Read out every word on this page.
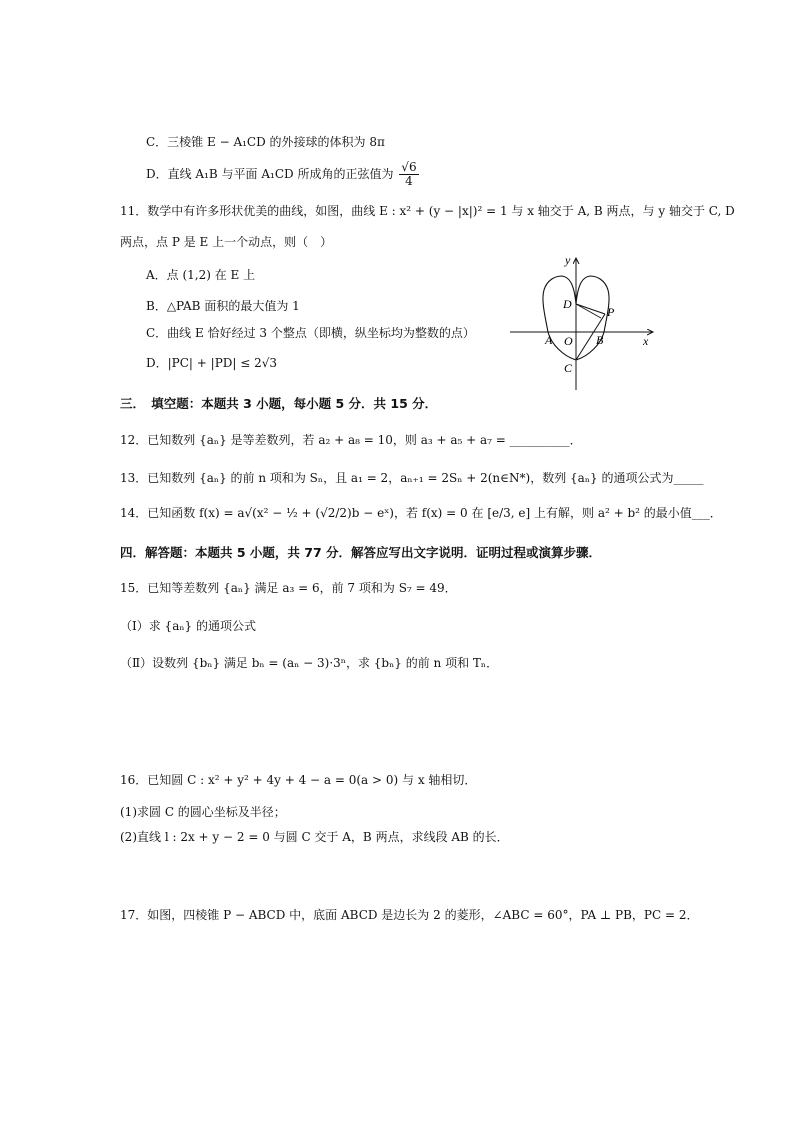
C．三棱锥 E − A₁CD 的外接球的体积为 8π
D．直线 A₁B 与平面 A₁CD 所成角的正弦值为 $\frac{√6}{4}$
11．数学中有许多形状优美的曲线，如图，曲线 E : x² + (y − |x|)² = 1 与 x 轴交于 A, B 两点，与 y 轴交于 C, D
两点，点 P 是 E 上一个动点，则（　）
A．点 (1,2) 在 E 上
B．△PAB 面积的最大值为 1
C．曲线 E 恰好经过 3 个整点（即横，纵坐标均为整数的点）
D．|PC| + |PD| ≤ 2√3
y
x
D
P
A O B
C
三．　填空题：本题共 3 小题，每小题 5 分．共 15 分．
12．已知数列 {aₙ} 是等差数列，若 a₂ + a₈ = 10，则 a₃ + a₅ + a₇ = __________．
13．已知数列 {aₙ} 的前 n 项和为 Sₙ，且 a₁ = 2，aₙ₊₁ = 2Sₙ + 2(n∈N*)，数列 {aₙ} 的通项公式为_____
14．已知函数 f(x) = a√(x² − ½ + (√2/2)b − eˣ)，若 f(x) = 0 在 [e/3, e] 上有解，则 a² + b² 的最小值___．
四．解答题：本题共 5 小题，共 77 分．解答应写出文字说明．证明过程或演算步骤．
15．已知等差数列 {aₙ} 满足 a₃ = 6，前 7 项和为 S₇ = 49．
（Ⅰ）求 {aₙ} 的通项公式
（Ⅱ）设数列 {bₙ} 满足 bₙ = (aₙ − 3)·3ⁿ，求 {bₙ} 的前 n 项和 Tₙ．
16．已知圆 C : x² + y² + 4y + 4 − a = 0(a > 0) 与 x 轴相切．
(1)求圆 C 的圆心坐标及半径；
(2)直线 l : 2x + y − 2 = 0 与圆 C 交于 A，B 两点，求线段 AB 的长．
17．如图，四棱锥 P − ABCD 中，底面 ABCD 是边长为 2 的菱形，∠ABC = 60°，PA ⊥ PB，PC = 2．
